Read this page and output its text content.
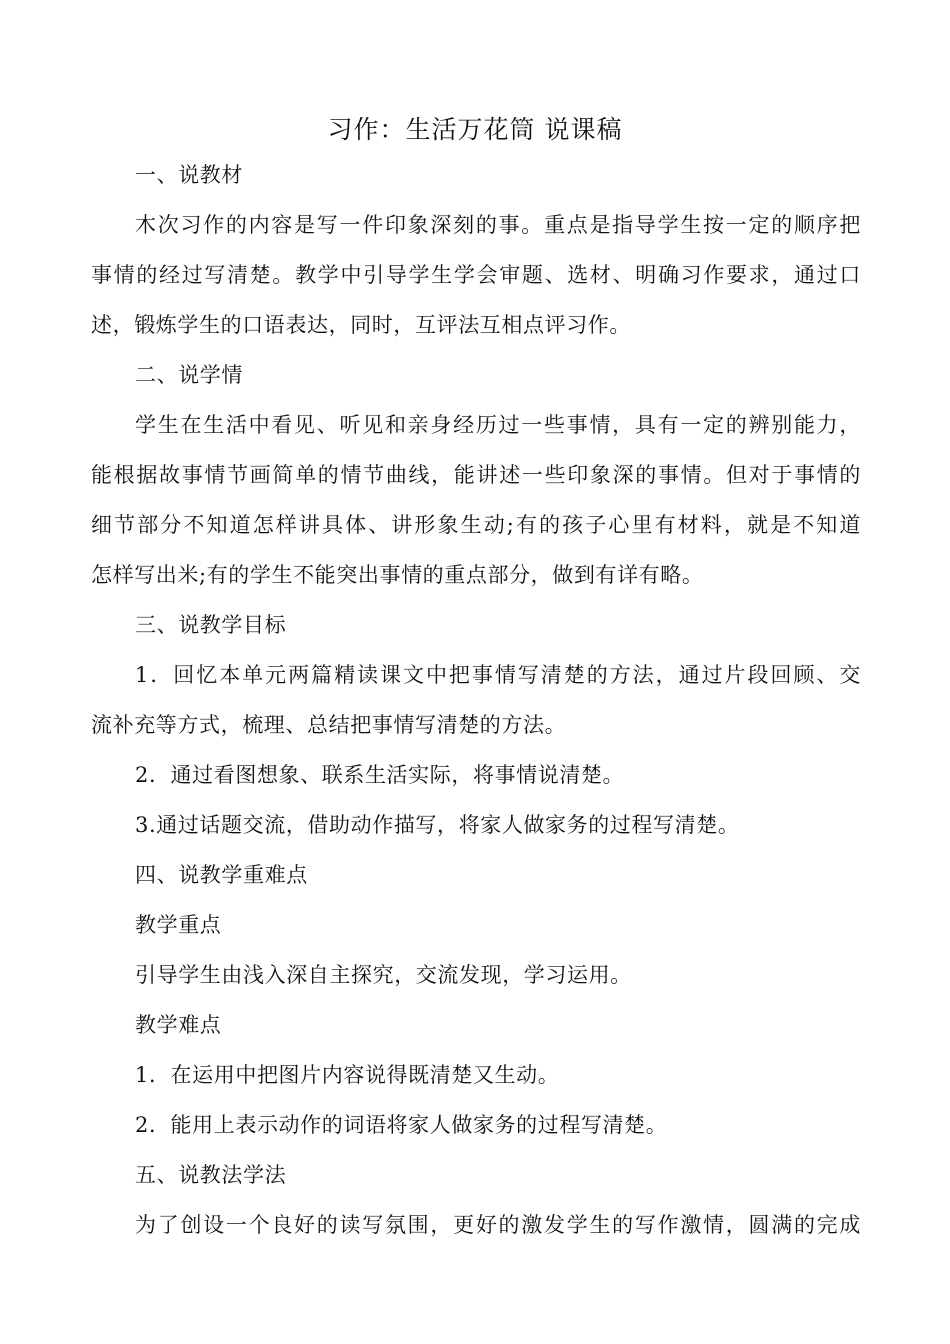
习作：生活万花筒 说课稿
一、说教材
木次习作的内容是写一件印象深刻的事。重点是指导学生按一定的顺序把
事情的经过写清楚。教学中引导学生学会审题、选材、明确习作要求，通过口
述，锻炼学生的口语表达，同时，互评法互相点评习作。
二、说学情
学生在生活中看见、听见和亲身经历过一些事情，具有一定的辨别能力，
能根据故事情节画简单的情节曲线，能讲述一些印象深的事情。但对于事情的
细节部分不知道怎样讲具体、讲形象生动;有的孩子心里有材料，就是不知道
怎样写出米;有的学生不能突出事情的重点部分，做到有详有略。
三、说教学目标
1．回忆本单元两篇精读课文中把事情写清楚的方法，通过片段回顾、交
流补充等方式，梳理、总结把事情写清楚的方法。
2．通过看图想象、联系生活实际，将事情说清楚。
3.通过话题交流，借助动作描写，将家人做家务的过程写清楚。
四、说教学重难点
教学重点
引导学生由浅入深自主探究，交流发现，学习运用。
教学难点
1．在运用中把图片内容说得既清楚又生动。
2．能用上表示动作的词语将家人做家务的过程写清楚。
五、说教法学法
为了创设一个良好的读写氛围，更好的激发学生的写作激情，圆满的完成
